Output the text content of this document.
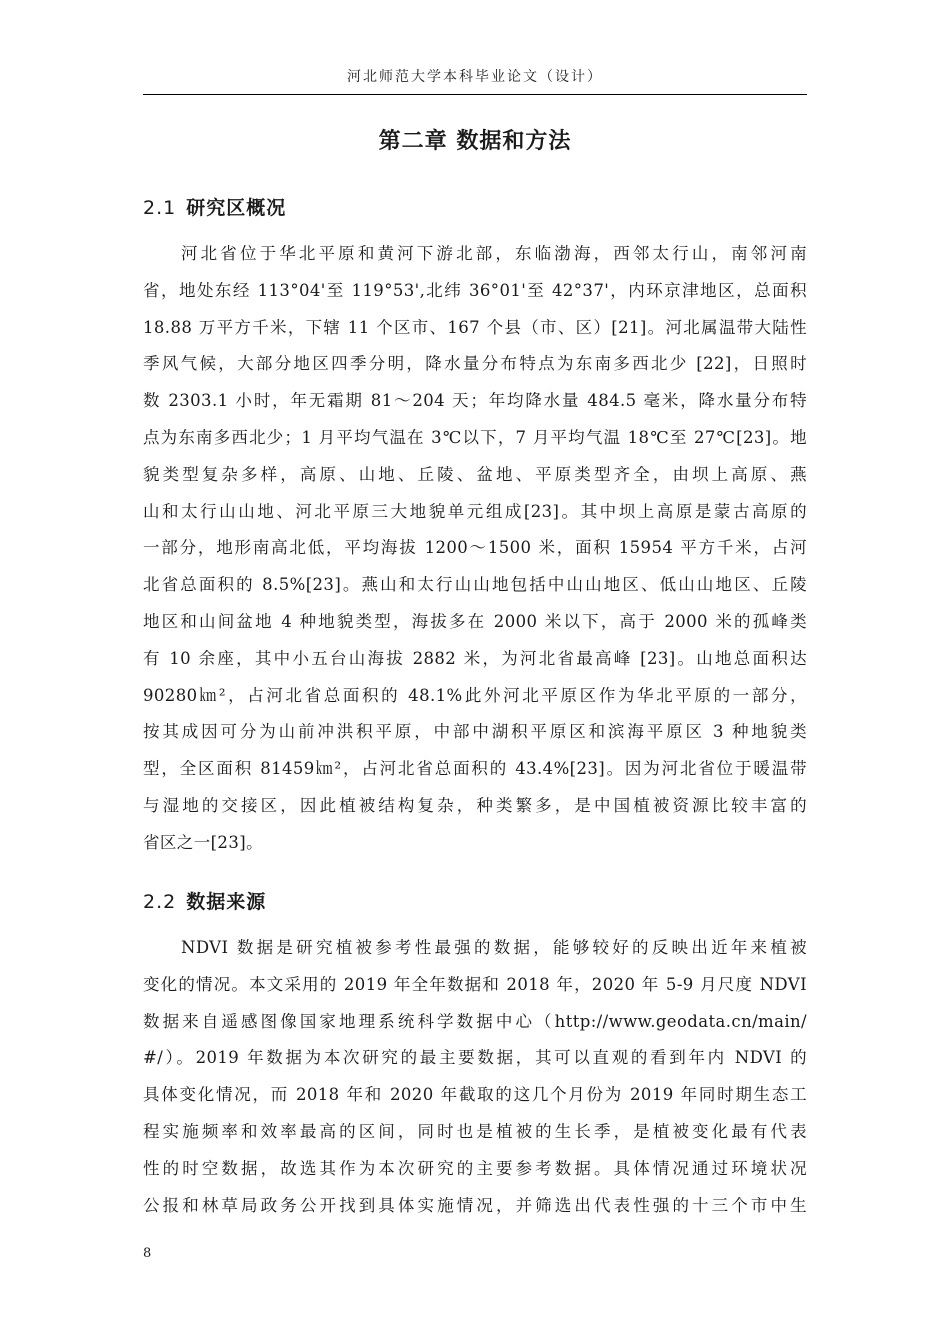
河北师范大学本科毕业论文（设计）
第二章 数据和方法
2.1 研究区概况
河北省位于华北平原和黄河下游北部，东临渤海，西邻太行山，南邻河南
省，地处东经 113°04'至 119°53',北纬 36°01'至 42°37'，内环京津地区，总面积
18.88 万平方千米，下辖 11 个区市、167 个县（市、区）[21]。河北属温带大陆性
季风气候，大部分地区四季分明，降水量分布特点为东南多西北少 [22]，日照时
数 2303.1 小时，年无霜期 81～204 天；年均降水量 484.5 毫米，降水量分布特
点为东南多西北少；1 月平均气温在 3℃以下，7 月平均气温 18℃至 27℃[23]。地
貌类型复杂多样，高原、山地、丘陵、盆地、平原类型齐全，由坝上高原、燕
山和太行山山地、河北平原三大地貌单元组成[23]。其中坝上高原是蒙古高原的
一部分，地形南高北低，平均海拔 1200～1500 米，面积 15954 平方千米，占河
北省总面积的 8.5%[23]。燕山和太行山山地包括中山山地区、低山山地区、丘陵
地区和山间盆地 4 种地貌类型，海拔多在 2000 米以下，高于 2000 米的孤峰类
有 10 余座，其中小五台山海拔 2882 米，为河北省最高峰 [23]。山地总面积达
90280㎞²，占河北省总面积的 48.1%此外河北平原区作为华北平原的一部分，
按其成因可分为山前冲洪积平原，中部中湖积平原区和滨海平原区 3 种地貌类
型，全区面积 81459㎞²，占河北省总面积的 43.4%[23]。因为河北省位于暖温带
与湿地的交接区，因此植被结构复杂，种类繁多，是中国植被资源比较丰富的
省区之一[23]。
2.2 数据来源
NDVI 数据是研究植被参考性最强的数据，能够较好的反映出近年来植被
变化的情况。本文采用的 2019 年全年数据和 2018 年，2020 年 5-9 月尺度 NDVI
数据来自遥感图像国家地理系统科学数据中心（http://www.geodata.cn/main/
#/）。2019 年数据为本次研究的最主要数据，其可以直观的看到年内 NDVI 的
具体变化情况，而 2018 年和 2020 年截取的这几个月份为 2019 年同时期生态工
程实施频率和效率最高的区间，同时也是植被的生长季，是植被变化最有代表
性的时空数据，故选其作为本次研究的主要参考数据。具体情况通过环境状况
公报和林草局政务公开找到具体实施情况，并筛选出代表性强的十三个市中生
8
